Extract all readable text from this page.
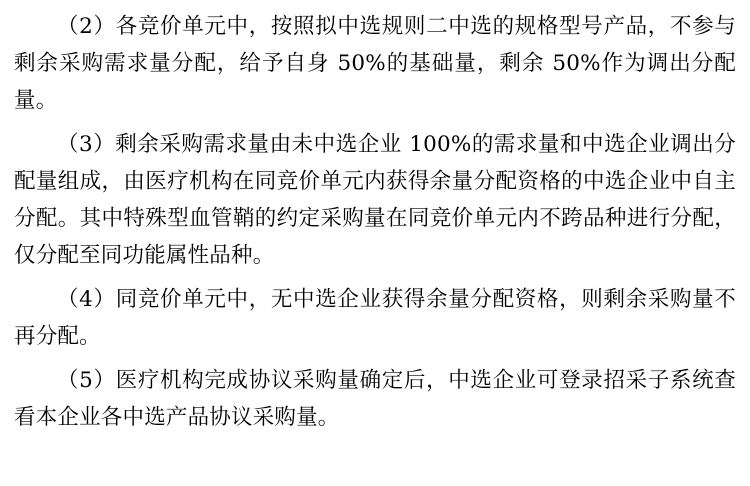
（2）各竞价单元中，按照拟中选规则二中选的规格型号产品，不参与剩余采购需求量分配，给予自身 50%的基础量，剩余 50%作为调出分配量。

（3）剩余采购需求量由未中选企业 100%的需求量和中选企业调出分配量组成，由医疗机构在同竞价单元内获得余量分配资格的中选企业中自主分配。其中特殊型血管鞘的约定采购量在同竞价单元内不跨品种进行分配，仅分配至同功能属性品种。

（4）同竞价单元中，无中选企业获得余量分配资格，则剩余采购量不再分配。

（5）医疗机构完成协议采购量确定后，中选企业可登录招采子系统查看本企业各中选产品协议采购量。
